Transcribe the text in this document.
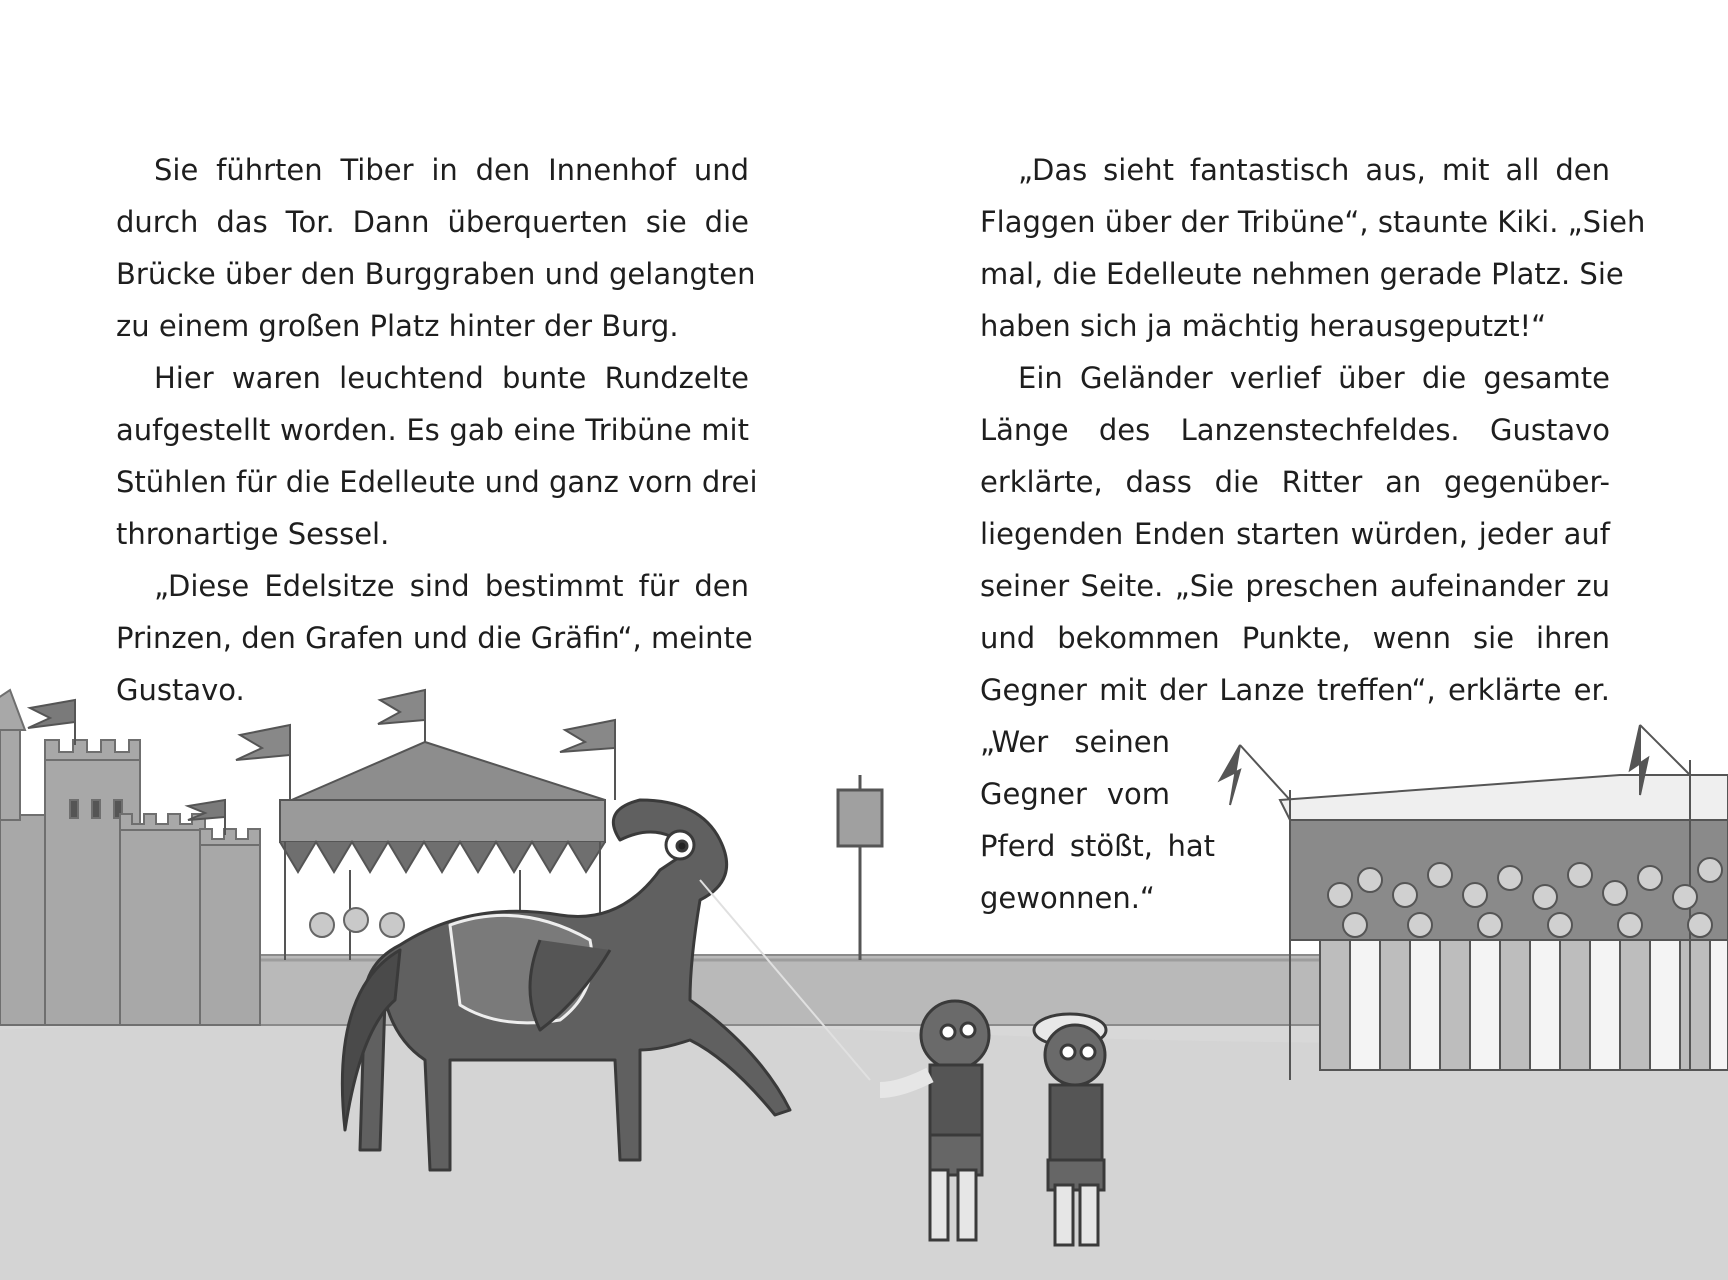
Sie führten Tiber in den Innenhof und
durch das Tor. Dann überquerten sie die
Brücke über den Burggraben und gelangten
zu einem großen Platz hinter der Burg.

Hier waren leuchtend bunte Rundzelte
aufgestellt worden. Es gab eine Tribüne mit
Stühlen für die Edelleute und ganz vorn drei
thronartige Sessel.

„Diese Edelsitze sind bestimmt für den
Prinzen, den Grafen und die Gräfin“, meinte
Gustavo.

„Das sieht fantastisch aus, mit all den
Flaggen über der Tribüne“, staunte Kiki. „Sieh
mal, die Edelleute nehmen gerade Platz. Sie
haben sich ja mächtig herausgeputzt!“

Ein Geländer verlief über die gesamte
Länge des Lanzenstechfeldes. Gustavo
erklärte, dass die Ritter an gegenüber-
liegenden Enden starten würden, jeder auf
seiner Seite. „Sie preschen aufeinander zu
und bekommen Punkte, wenn sie ihren
Gegner mit der Lanze treffen“, erklärte er.

„Wer seinen
Gegner vom
Pferd stößt, hat
gewonnen.“
